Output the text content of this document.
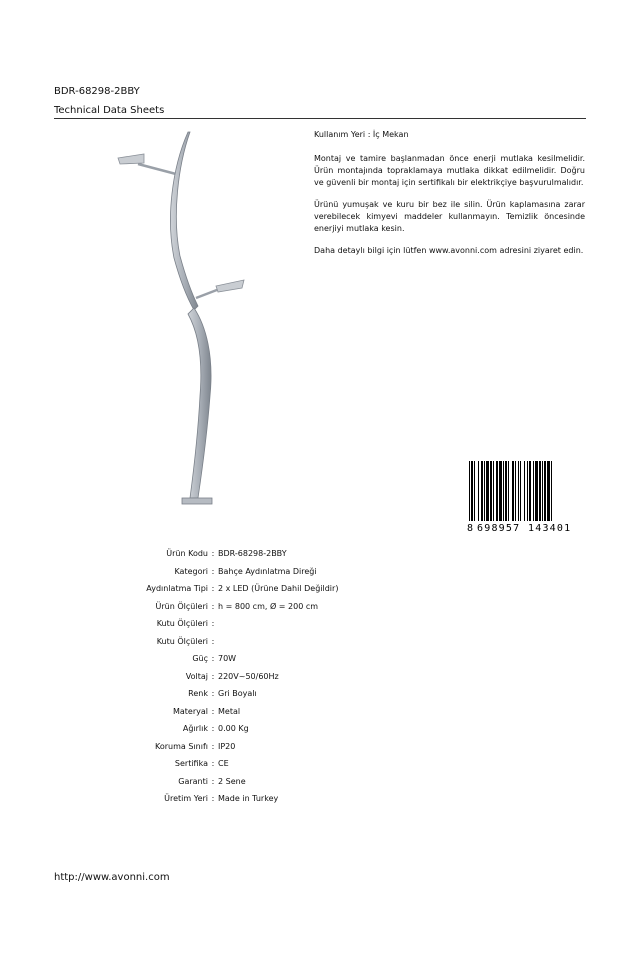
BDR-68298-2BBY
Technical Data Sheets

Kullanım Yeri : İç Mekan

Montaj ve tamire başlanmadan önce enerji mutlaka kesilmelidir. Ürün montajında topraklamaya mutlaka dikkat edilmelidir. Doğru ve güvenli bir montaj için sertifikalı bir elektrikçiye başvurulmalıdır.

Ürünü yumuşak ve kuru bir bez ile silin. Ürün kaplamasına zarar verebilecek kimyevi maddeler kullanmayın. Temizlik öncesinde enerjiyi mutlaka kesin.

Daha detaylı bilgi için lütfen www.avonni.com adresini ziyaret edin.

8 698957 143401
Ürün Kodu : BDR-68298-2BBY
Kategori : Bahçe Aydınlatma Direği
Aydınlatma Tipi : 2 x LED (Ürüne Dahil Değildir)
Ürün Ölçüleri : h = 800 cm, Ø = 200 cm
Kutu Ölçüleri :
Kutu Ölçüleri :
Güç : 70W
Voltaj : 220V~50/60Hz
Renk : Gri Boyalı
Materyal : Metal
Ağırlık : 0.00 Kg
Koruma Sınıfı : IP20
Sertifika : CE
Garanti : 2 Sene
Üretim Yeri : Made in Turkey
http://www.avonni.com
